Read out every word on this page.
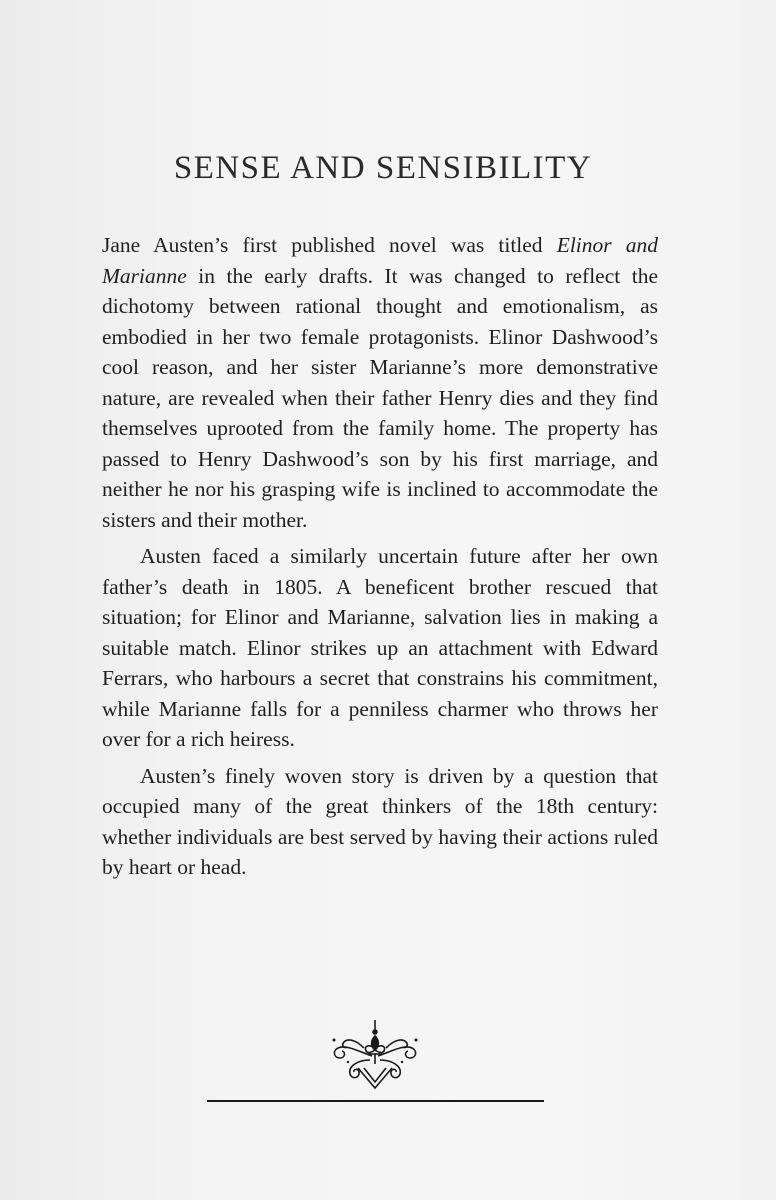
SENSE AND SENSIBILITY

Jane Austen’s first published novel was titled Elinor and Marianne in the early drafts. It was changed to reflect the dichotomy between rational thought and emotionalism, as embodied in her two female protagonists. Elinor Dashwood’s cool reason, and her sister Marianne’s more demonstrative nature, are revealed when their father Henry dies and they find themselves uprooted from the family home. The property has passed to Henry Dashwood’s son by his first marriage, and neither he nor his grasping wife is inclined to accommodate the sisters and their mother.

Austen faced a similarly uncertain future after her own father’s death in 1805. A beneficent brother rescued that situation; for Elinor and Marianne, salvation lies in making a suitable match. Elinor strikes up an attachment with Edward Ferrars, who harbours a secret that constrains his commitment, while Marianne falls for a penniless charmer who throws her over for a rich heiress.

Austen’s finely woven story is driven by a question that occupied many of the great thinkers of the 18th century: whether individuals are best served by having their actions ruled by heart or head.
